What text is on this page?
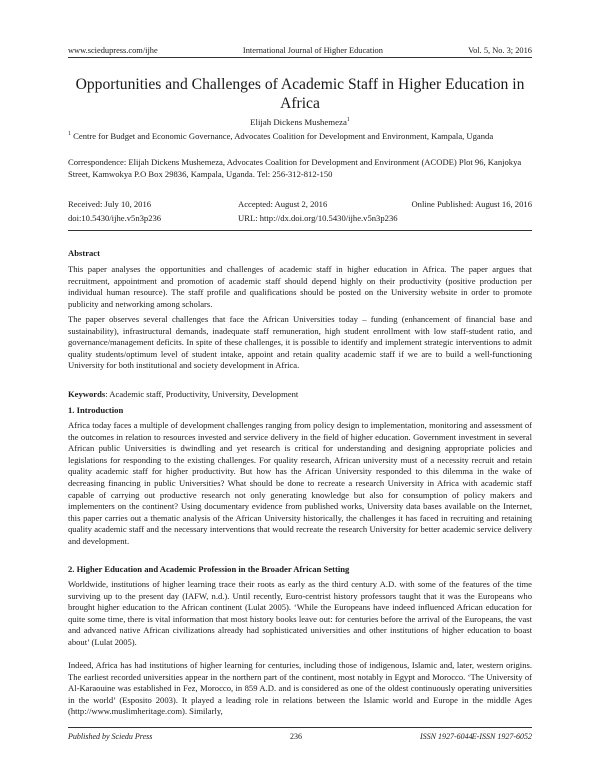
www.sciedupress.com/ijhe	International Journal of Higher Education	Vol. 5, No. 3; 2016
Opportunities and Challenges of Academic Staff in Higher Education in Africa
Elijah Dickens Mushemeza$^1$
$^1$ Centre for Budget and Economic Governance, Advocates Coalition for Development and Environment, Kampala, Uganda
Correspondence: Elijah Dickens Mushemeza, Advocates Coalition for Development and Environment (ACODE) Plot 96, Kanjokya Street, Kamwokya P.O Box 29836, Kampala, Uganda. Tel: 256-312-812-150
Received: July 10, 2016	Accepted: August 2, 2016	Online Published: August 16, 2016
doi:10.5430/ijhe.v5n3p236	URL: http://dx.doi.org/10.5430/ijhe.v5n3p236
Abstract
This paper analyses the opportunities and challenges of academic staff in higher education in Africa. The paper argues that recruitment, appointment and promotion of academic staff should depend highly on their productivity (positive production per individual human resource). The staff profile and qualifications should be posted on the University website in order to promote publicity and networking among scholars.
The paper observes several challenges that face the African Universities today – funding (enhancement of financial base and sustainability), infrastructural demands, inadequate staff remuneration, high student enrollment with low staff-student ratio, and governance/management deficits. In spite of these challenges, it is possible to identify and implement strategic interventions to admit quality students/optimum level of student intake, appoint and retain quality academic staff if we are to build a well-functioning University for both institutional and society development in Africa.
Keywords: Academic staff, Productivity, University, Development
1. Introduction
Africa today faces a multiple of development challenges ranging from policy design to implementation, monitoring and assessment of the outcomes in relation to resources invested and service delivery in the field of higher education. Government investment in several African public Universities is dwindling and yet research is critical for understanding and designing appropriate policies and legislations for responding to the existing challenges. For quality research, African university must of a necessity recruit and retain quality academic staff for higher productivity. But how has the African University responded to this dilemma in the wake of decreasing financing in public Universities? What should be done to recreate a research University in Africa with academic staff capable of carrying out productive research not only generating knowledge but also for consumption of policy makers and implementers on the continent? Using documentary evidence from published works, University data bases available on the Internet, this paper carries out a thematic analysis of the African University historically, the challenges it has faced in recruiting and retaining quality academic staff and the necessary interventions that would recreate the research University for better academic service delivery and development.
2. Higher Education and Academic Profession in the Broader African Setting
Worldwide, institutions of higher learning trace their roots as early as the third century A.D. with some of the features of the time surviving up to the present day (IAFW, n.d.). Until recently, Euro-centrist history professors taught that it was the Europeans who brought higher education to the African continent (Lulat 2005). ‘While the Europeans have indeed influenced African education for quite some time, there is vital information that most history books leave out: for centuries before the arrival of the Europeans, the vast and advanced native African civilizations already had sophisticated universities and other institutions of higher education to boast about’ (Lulat 2005).
Indeed, Africa has had institutions of higher learning for centuries, including those of indigenous, Islamic and, later, western origins. The earliest recorded universities appear in the northern part of the continent, most notably in Egypt and Morocco. ‘The University of Al-Karaouine was established in Fez, Morocco, in 859 A.D. and is considered as one of the oldest continuously operating universities in the world’ (Esposito 2003). It played a leading role in relations between the Islamic world and Europe in the middle Ages (http://www.muslimheritage.com). Similarly,
Published by Sciedu Press	236	ISSN 1927-6044 E-ISSN 1927-6052
